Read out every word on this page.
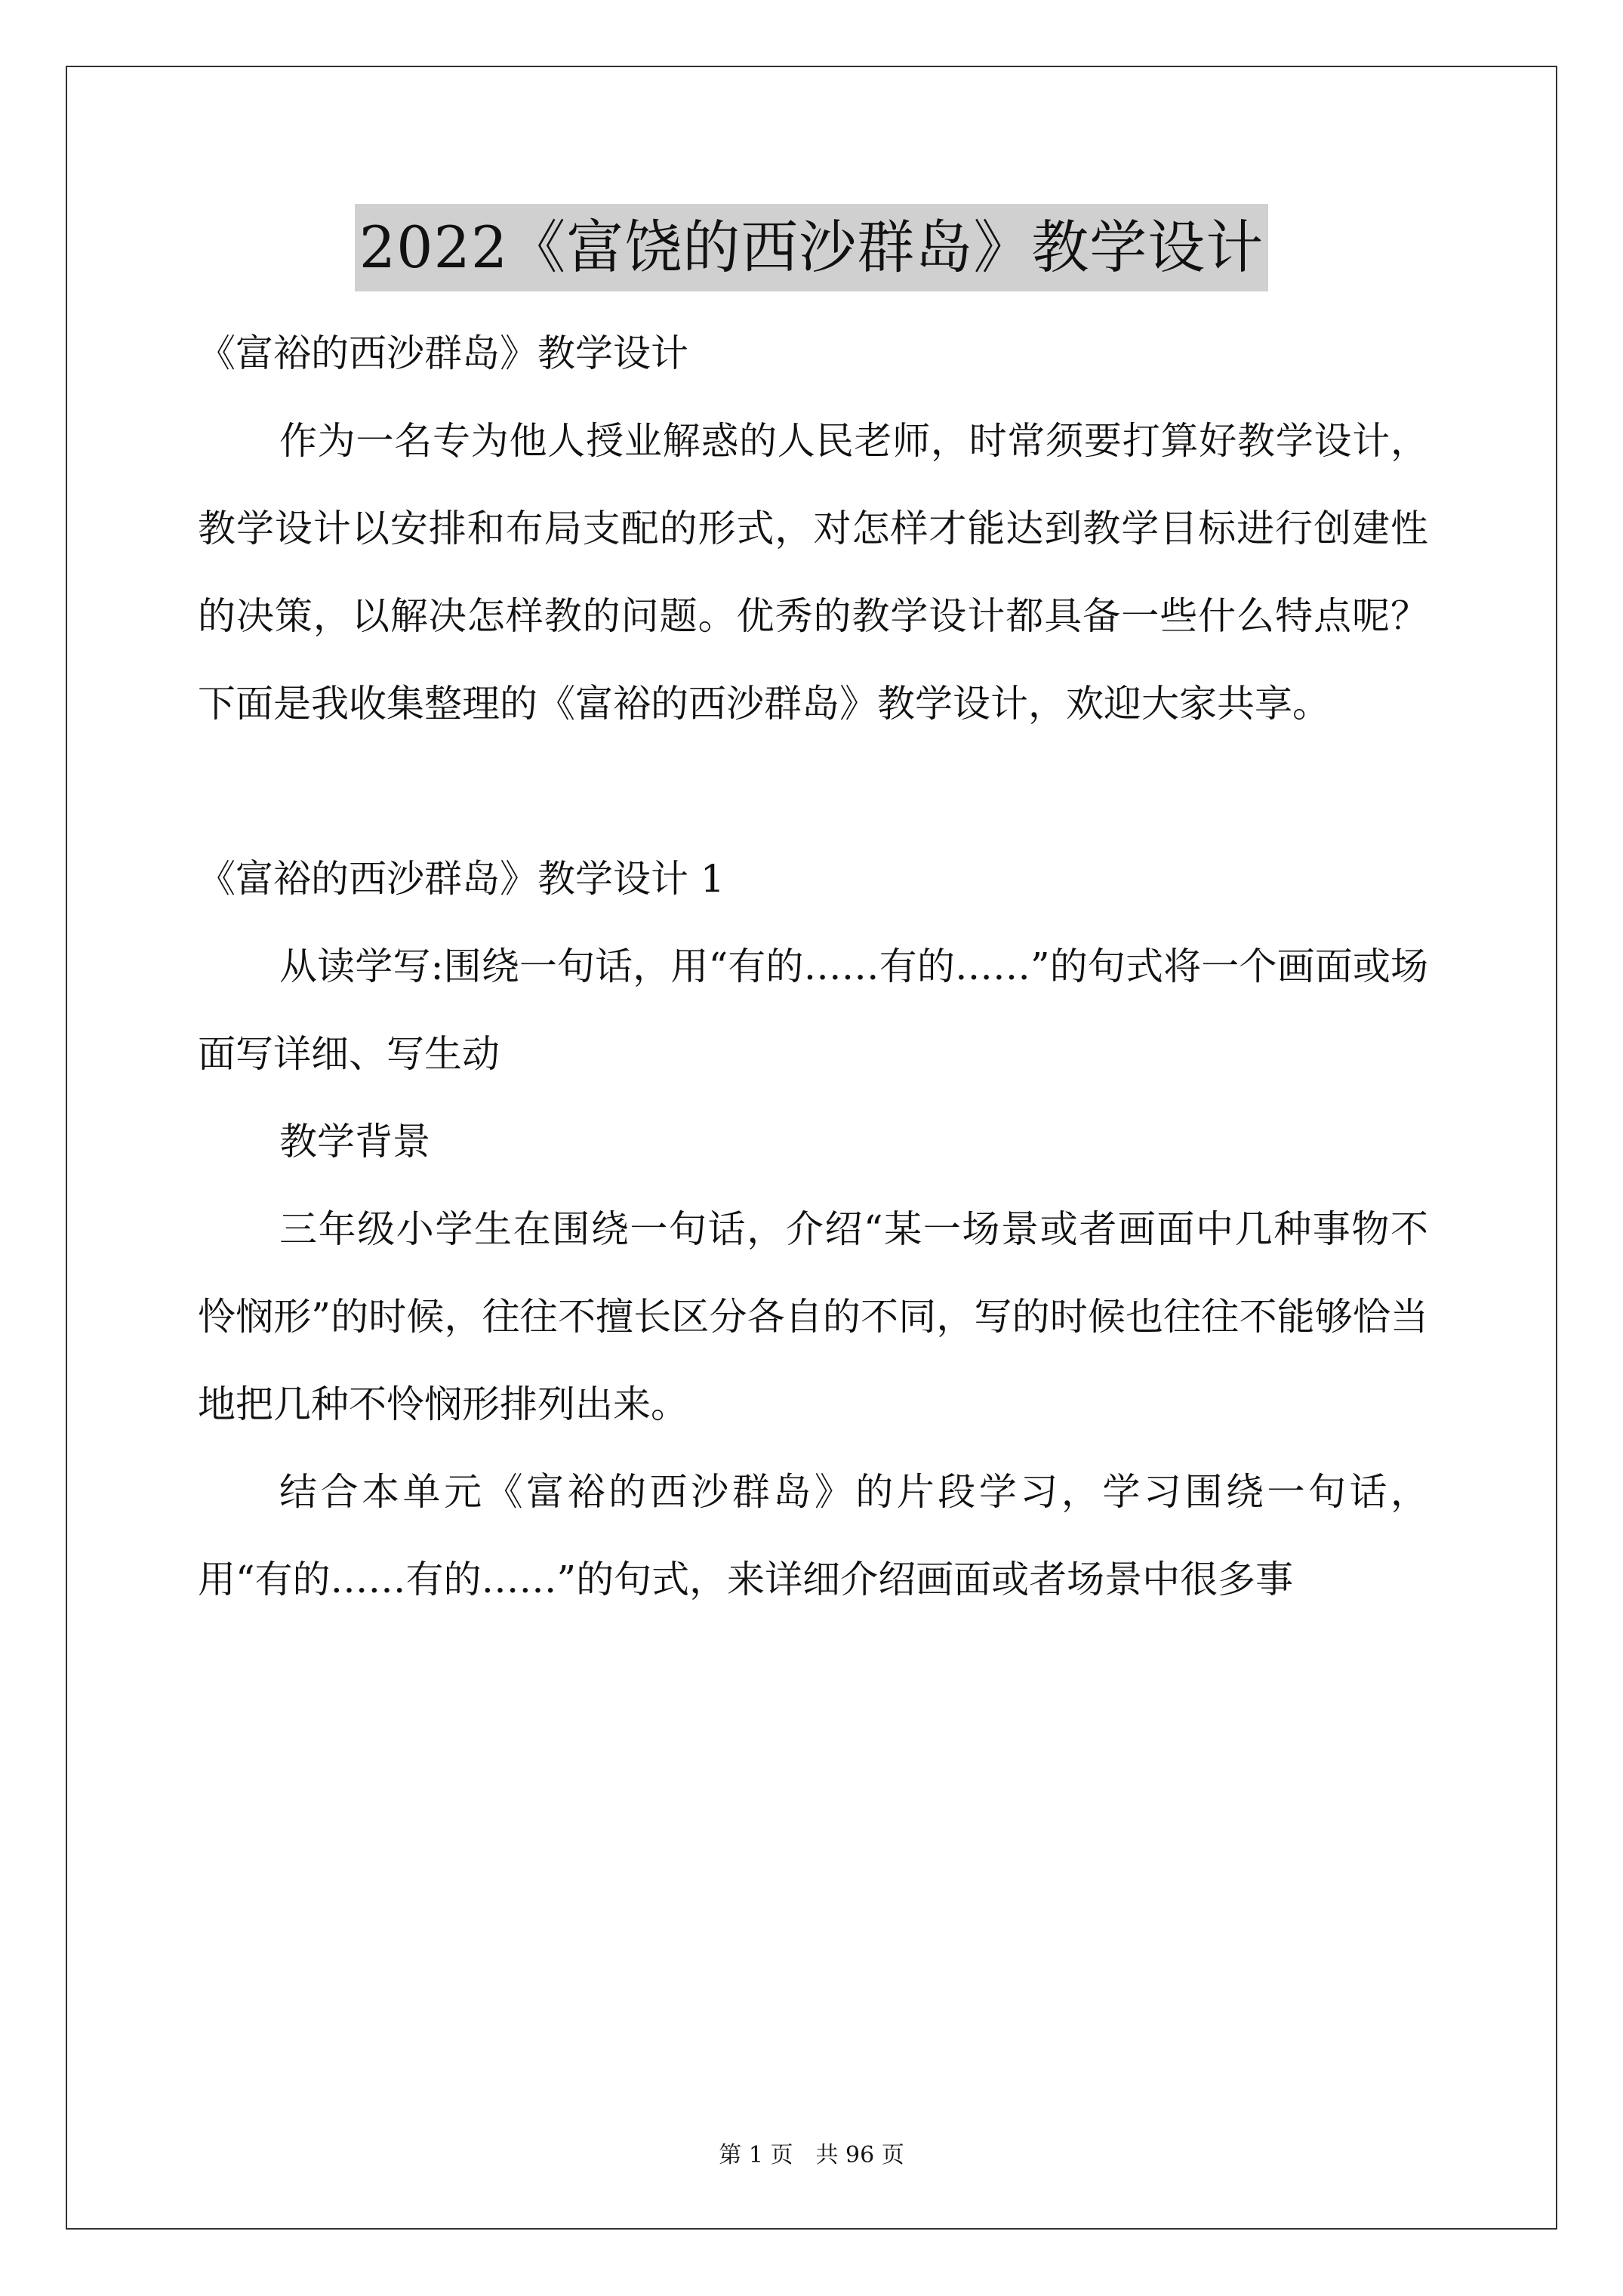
2022《富饶的西沙群岛》教学设计

《富裕的西沙群岛》教学设计

作为一名专为他人授业解惑的人民老师，时常须要打算好教学设计，教学设计以安排和布局支配的形式，对怎样才能达到教学目标进行创建性的决策，以解决怎样教的问题。优秀的教学设计都具备一些什么特点呢？下面是我收集整理的《富裕的西沙群岛》教学设计，欢迎大家共享。

《富裕的西沙群岛》教学设计 1

从读学写:围绕一句话，用“有的……有的……”的句式将一个画面或场面写详细、写生动

教学背景

三年级小学生在围绕一句话，介绍“某一场景或者画面中几种事物不怜悯形”的时候，往往不擅长区分各自的不同，写的时候也往往不能够恰当地把几种不怜悯形排列出来。

结合本单元《富裕的西沙群岛》的片段学习，学习围绕一句话，用“有的……有的……”的句式，来详细介绍画面或者场景中很多事

第 1 页　共 96 页
